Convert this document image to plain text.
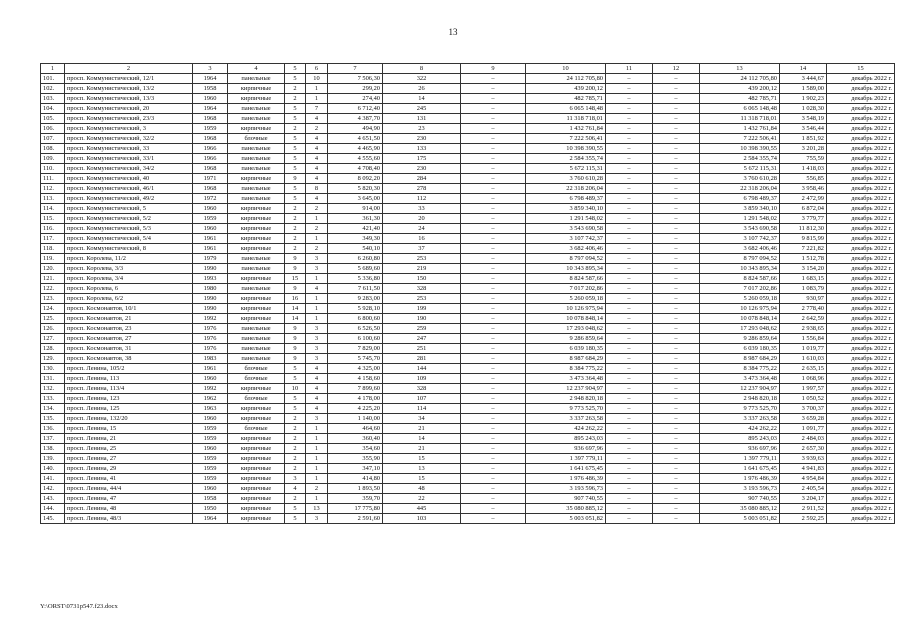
13
1	2	3	4	5	6	7	8	9	10	11	12	13	14	15
101.	просп. Коммунистический, 12/1	1964	панельные	5	10	7 506,30	322	–	24 112 705,80	–	–	24 112 705,80	3 444,67	декабрь 2022 г.
102.	просп. Коммунистический, 13/2	1958	кирпичные	2	1	299,20	26	–	439 200,12	–	–	439 200,12	1 589,00	декабрь 2022 г.
103.	просп. Коммунистический, 13/3	1960	кирпичные	2	1	274,40	14	–	482 785,71	–	–	482 785,71	1 902,23	декабрь 2022 г.
104.	просп. Коммунистический, 20	1964	панельные	5	7	6 712,40	245	–	6 065 148,48	–	–	6 065 148,48	1 028,30	декабрь 2022 г.
105.	просп. Коммунистический, 23/3	1968	панельные	5	4	4 387,70	131	–	11 318 718,01	–	–	11 318 718,01	3 548,19	декабрь 2022 г.
106.	просп. Коммунистический, 3	1959	кирпичные	2	2	494,90	23	–	1 432 761,84	–	–	1 432 761,84	3 546,44	декабрь 2022 г.
107.	просп. Коммунистический, 32/2	1968	блочные	5	4	4 651,50	230	–	7 222 506,41	–	–	7 222 506,41	1 851,92	декабрь 2022 г.
108.	просп. Коммунистический, 33	1966	панельные	5	4	4 465,90	133	–	10 398 390,55	–	–	10 398 390,55	3 201,28	декабрь 2022 г.
109.	просп. Коммунистический, 33/1	1966	панельные	5	4	4 555,60	175	–	2 584 355,74	–	–	2 584 355,74	755,59	декабрь 2022 г.
110.	просп. Коммунистический, 34/2	1968	панельные	5	4	4 708,40	230	–	5 672 115,31	–	–	5 672 115,31	1 418,03	декабрь 2022 г.
111.	просп. Коммунистический, 40	1971	кирпичные	9	4	8 092,20	284	–	3 760 610,28	–	–	3 760 610,28	556,85	декабрь 2022 г.
112.	просп. Коммунистический, 46/1	1968	панельные	5	8	5 820,30	278	–	22 318 206,04	–	–	22 318 206,04	3 958,46	декабрь 2022 г.
113.	просп. Коммунистический, 49/2	1972	панельные	5	4	3 645,00	112	–	6 798 489,37	–	–	6 798 489,37	2 472,99	декабрь 2022 г.
114.	просп. Коммунистический, 5	1960	кирпичные	2	2	914,00	33	–	3 859 340,10	–	–	3 859 340,10	6 872,04	декабрь 2022 г.
115.	просп. Коммунистический, 5/2	1959	кирпичные	2	1	361,30	20	–	1 291 548,02	–	–	1 291 548,02	3 779,77	декабрь 2022 г.
116.	просп. Коммунистический, 5/3	1960	кирпичные	2	2	421,40	24	–	3 543 690,58	–	–	3 543 690,58	11 812,30	декабрь 2022 г.
117.	просп. Коммунистический, 5/4	1961	кирпичные	2	1	349,30	16	–	3 107 742,37	–	–	3 107 742,37	9 815,99	декабрь 2022 г.
118.	просп. Коммунистический, 8	1961	кирпичные	2	2	540,10	37	–	3 682 406,46	–	–	3 682 406,46	7 221,82	декабрь 2022 г.
119.	просп. Королева, 11/2	1979	панельные	9	3	6 260,80	253	–	8 797 094,52	–	–	8 797 094,52	1 512,78	декабрь 2022 г.
120.	просп. Королева, 3/3	1990	панельные	9	3	5 689,60	219	–	10 343 895,34	–	–	10 343 895,34	3 154,20	декабрь 2022 г.
121.	просп. Королева, 3/4	1993	кирпичные	15	1	5 336,80	150	–	8 824 587,66	–	–	8 824 587,66	1 683,15	декабрь 2022 г.
122.	просп. Королева, 6	1980	панельные	9	4	7 611,50	328	–	7 017 202,86	–	–	7 017 202,86	1 083,79	декабрь 2022 г.
123.	просп. Королева, 6/2	1990	кирпичные	16	1	9 283,00	253	–	5 260 059,18	–	–	5 260 059,18	930,97	декабрь 2022 г.
124.	просп. Космонавтов, 10/1	1990	кирпичные	14	1	5 928,10	199	–	10 126 975,94	–	–	10 126 975,94	2 778,40	декабрь 2022 г.
125.	просп. Космонавтов, 21	1992	кирпичные	14	1	6 800,60	190	–	10 078 848,14	–	–	10 078 848,14	2 642,59	декабрь 2022 г.
126.	просп. Космонавтов, 23	1976	панельные	9	3	6 526,50	259	–	17 293 048,62	–	–	17 293 048,62	2 938,65	декабрь 2022 г.
127.	просп. Космонавтов, 27	1976	панельные	9	3	6 100,60	247	–	9 286 859,64	–	–	9 286 859,64	1 556,84	декабрь 2022 г.
128.	просп. Космонавтов, 31	1976	панельные	9	3	7 829,00	251	–	6 039 180,35	–	–	6 039 180,35	1 019,77	декабрь 2022 г.
129.	просп. Космонавтов, 38	1983	панельные	9	3	5 745,70	281	–	8 987 684,29	–	–	8 987 684,29	1 610,03	декабрь 2022 г.
130.	просп. Ленина, 105/2	1961	блочные	5	4	4 325,00	144	–	8 384 775,22	–	–	8 384 775,22	2 635,15	декабрь 2022 г.
131.	просп. Ленина, 113	1960	блочные	5	4	4 158,60	109	–	3 473 364,48	–	–	3 473 364,48	1 068,96	декабрь 2022 г.
132.	просп. Ленина, 113/4	1992	кирпичные	10	4	7 899,60	328	–	12 237 904,97	–	–	12 237 904,97	1 997,57	декабрь 2022 г.
133.	просп. Ленина, 123	1962	блочные	5	4	4 178,00	107	–	2 948 820,18	–	–	2 948 820,18	1 050,52	декабрь 2022 г.
134.	просп. Ленина, 125	1963	кирпичные	5	4	4 225,20	114	–	9 773 525,70	–	–	9 773 525,70	3 700,37	декабрь 2022 г.
135.	просп. Ленина, 132/20	1960	кирпичные	2	3	1 140,00	34	–	3 337 263,58	–	–	3 337 263,58	3 659,28	декабрь 2022 г.
136.	просп. Ленина, 15	1959	блочные	2	1	464,60	21	–	424 262,22	–	–	424 262,22	1 091,77	декабрь 2022 г.
137.	просп. Ленина, 21	1959	кирпичные	2	1	360,40	14	–	895 243,03	–	–	895 243,03	2 484,03	декабрь 2022 г.
138.	просп. Ленина, 25	1960	кирпичные	2	1	354,60	21	–	936 697,96	–	–	936 697,96	2 657,30	декабрь 2022 г.
139.	просп. Ленина, 27	1959	кирпичные	2	1	355,90	15	–	1 397 779,11	–	–	1 397 779,11	3 939,63	декабрь 2022 г.
140.	просп. Ленина, 29	1959	кирпичные	2	1	347,10	13	–	1 641 675,45	–	–	1 641 675,45	4 941,83	декабрь 2022 г.
141.	просп. Ленина, 41	1959	кирпичные	3	1	414,80	15	–	1 976 486,39	–	–	1 976 486,39	4 954,84	декабрь 2022 г.
142.	просп. Ленина, 44/4	1960	кирпичные	4	2	1 893,50	48	–	3 193 596,73	–	–	3 193 596,73	2 405,54	декабрь 2022 г.
143.	просп. Ленина, 47	1958	кирпичные	2	1	359,70	22	–	907 740,55	–	–	907 740,55	3 204,17	декабрь 2022 г.
144.	просп. Ленина, 48	1950	кирпичные	5	13	17 775,80	445	–	35 080 885,12	–	–	35 080 885,12	2 911,52	декабрь 2022 г.
145.	просп. Ленина, 48/3	1964	кирпичные	5	3	2 591,60	103	–	5 003 051,82	–	–	5 003 051,82	2 592,25	декабрь 2022 г.
Y:\ORST\0731p547.f23.docx
